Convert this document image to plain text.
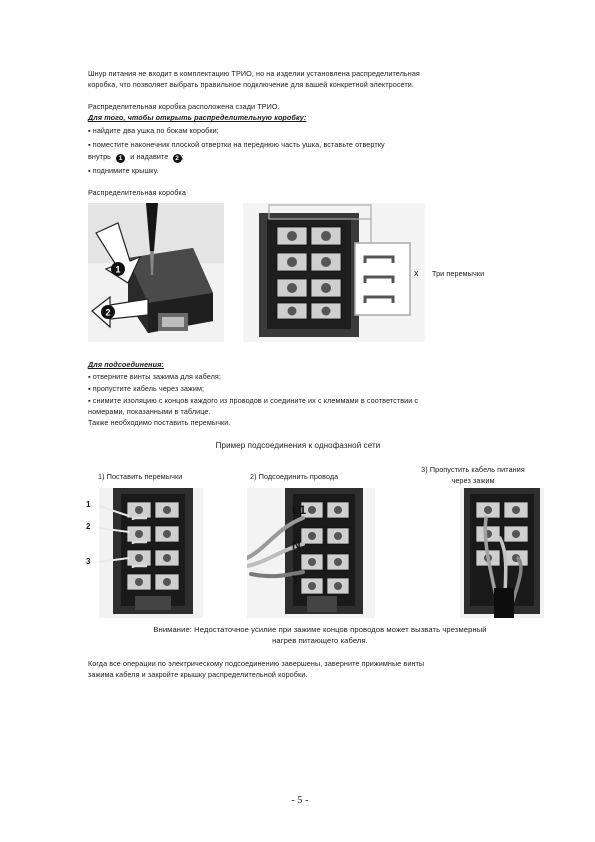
Шнур питания не входит в комплектацию ТРИО, но на изделии установлена распределительная
коробка, что позволяет выбрать правильное подключение для вашей конкретной электросети.
Распределительная коробка расположена сзади ТРИО.
Для того, чтобы открыть распределительную коробку:
▪ найдите два ушка по бокам коробки;
▪ поместите наконечник плоской отвертки на переднюю часть ушка, вставьте отвертку
внутрь 1 и надавите 2 ;
▪ поднимите крышку.
Распределительная коробка
1
2
x Три перемычки
Для подсоединения:
▪ отверните винты зажима для кабеля;
▪ пропустите кабель через зажим;
▪ снимите изоляцию с концов каждого из проводов и соедините их с клеммами в соответствии с
номерами, показанными в таблице.
Также необходимо поставить перемычки.
Пример подсоединения к однофазной сети
1) Поставить перемычки	2) Подсоединить провода
3) Пропустить кабель питания
через зажим
1
2
3
L1
N
T
Внимание: Недостаточное усилие при зажиме концов проводов может вызвать чрезмерный
нагрев питающего кабеля.
Когда все операции по электрическому подсоединению завершены, заверните прижимные винты
зажима кабеля и закройте крышку распределительной коробки.
- 5 -
